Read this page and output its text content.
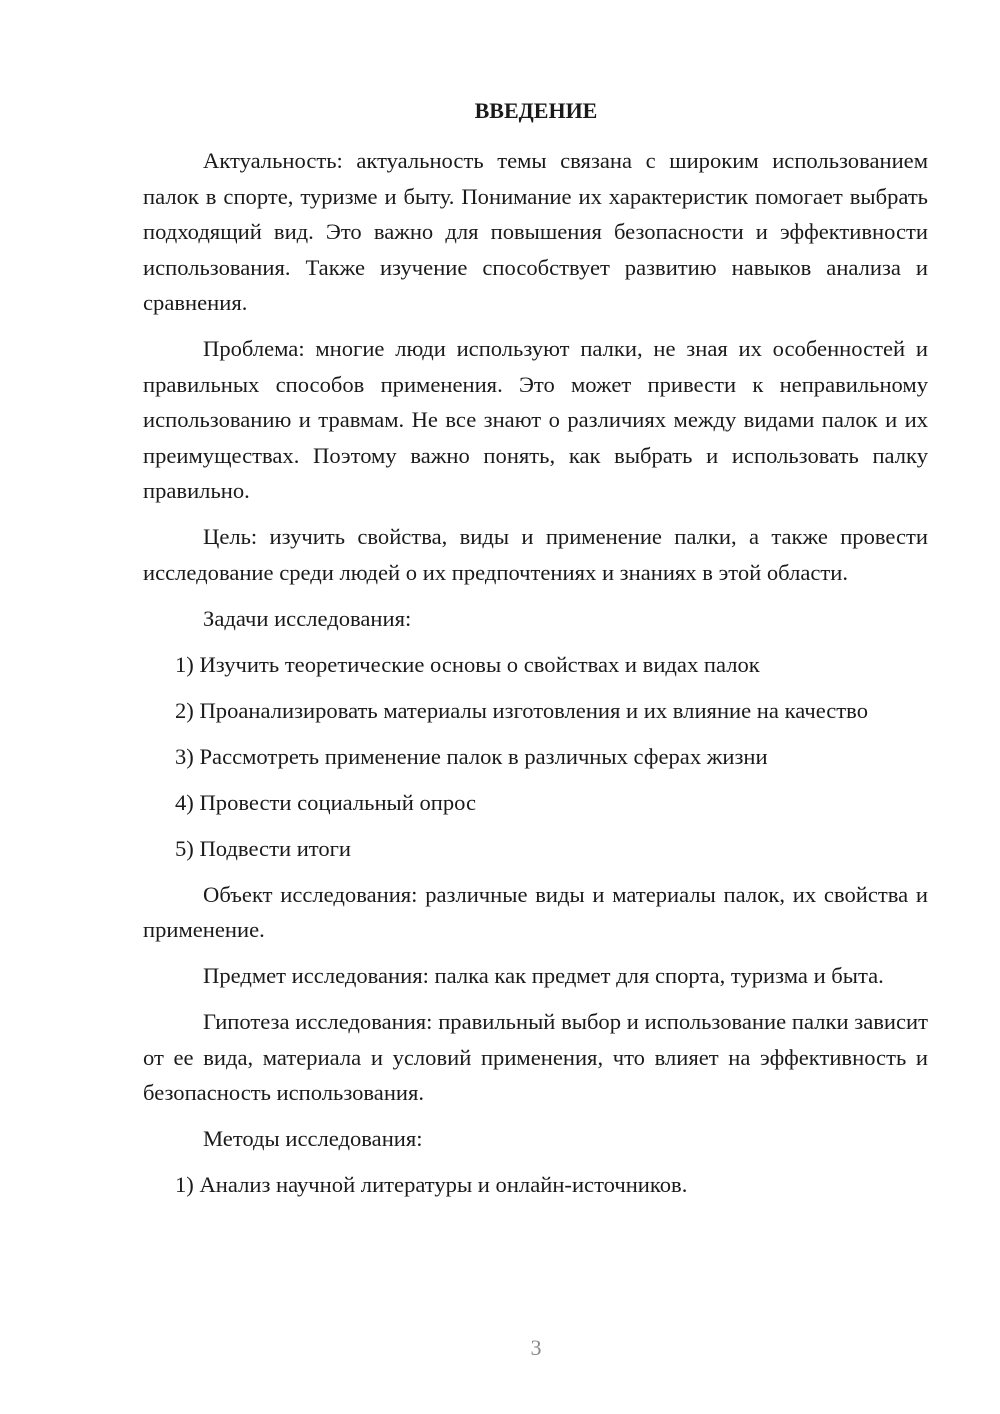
ВВЕДЕНИЕ

Актуальность: актуальность темы связана с широким использованием палок в спорте, туризме и быту. Понимание их характеристик помогает выбрать подходящий вид. Это важно для повышения безопасности и эффективности использования. Также изучение способствует развитию навыков анализа и сравнения.

Проблема: многие люди используют палки, не зная их особенностей и правильных способов применения. Это может привести к неправильному использованию и травмам. Не все знают о различиях между видами палок и их преимуществах. Поэтому важно понять, как выбрать и использовать палку правильно.

Цель: изучить свойства, виды и применение палки, а также провести исследование среди людей о их предпочтениях и знаниях в этой области.

Задачи исследования:

1) Изучить теоретические основы о свойствах и видах палок

2) Проанализировать материалы изготовления и их влияние на качество

3) Рассмотреть применение палок в различных сферах жизни

4) Провести социальный опрос

5) Подвести итоги

Объект исследования: различные виды и материалы палок, их свойства и применение.

Предмет исследования: палка как предмет для спорта, туризма и быта.

Гипотеза исследования: правильный выбор и использование палки зависит от ее вида, материала и условий применения, что влияет на эффективность и безопасность использования.

Методы исследования:

1) Анализ научной литературы и онлайн-источников.

3
